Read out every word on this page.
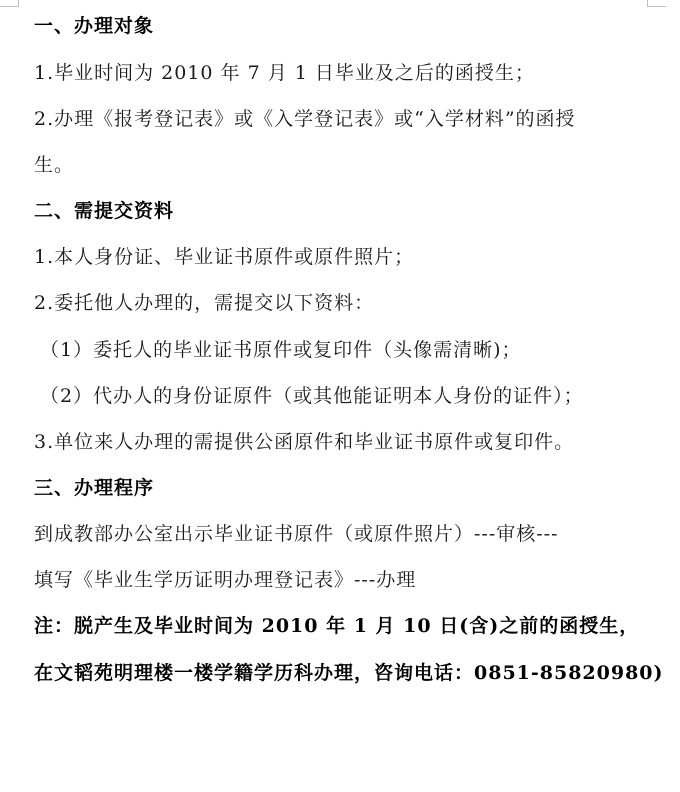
一、办理对象
1.毕业时间为 2010 年 7 月 1 日毕业及之后的函授生；
2.办理《报考登记表》或《入学登记表》或“入学材料”的函授
生。
二、需提交资料
1.本人身份证、毕业证书原件或原件照片；
2.委托他人办理的，需提交以下资料：
（1）委托人的毕业证书原件或复印件（头像需清晰)；
（2）代办人的身份证原件（或其他能证明本人身份的证件）；
3.单位来人办理的需提供公函原件和毕业证书原件或复印件。
三、办理程序
到成教部办公室出示毕业证书原件（或原件照片）---审核---
填写《毕业生学历证明办理登记表》---办理
注：脱产生及毕业时间为 2010 年 1 月 10 日(含)之前的函授生，
在文韬苑明理楼一楼学籍学历科办理，咨询电话：0851-85820980)
